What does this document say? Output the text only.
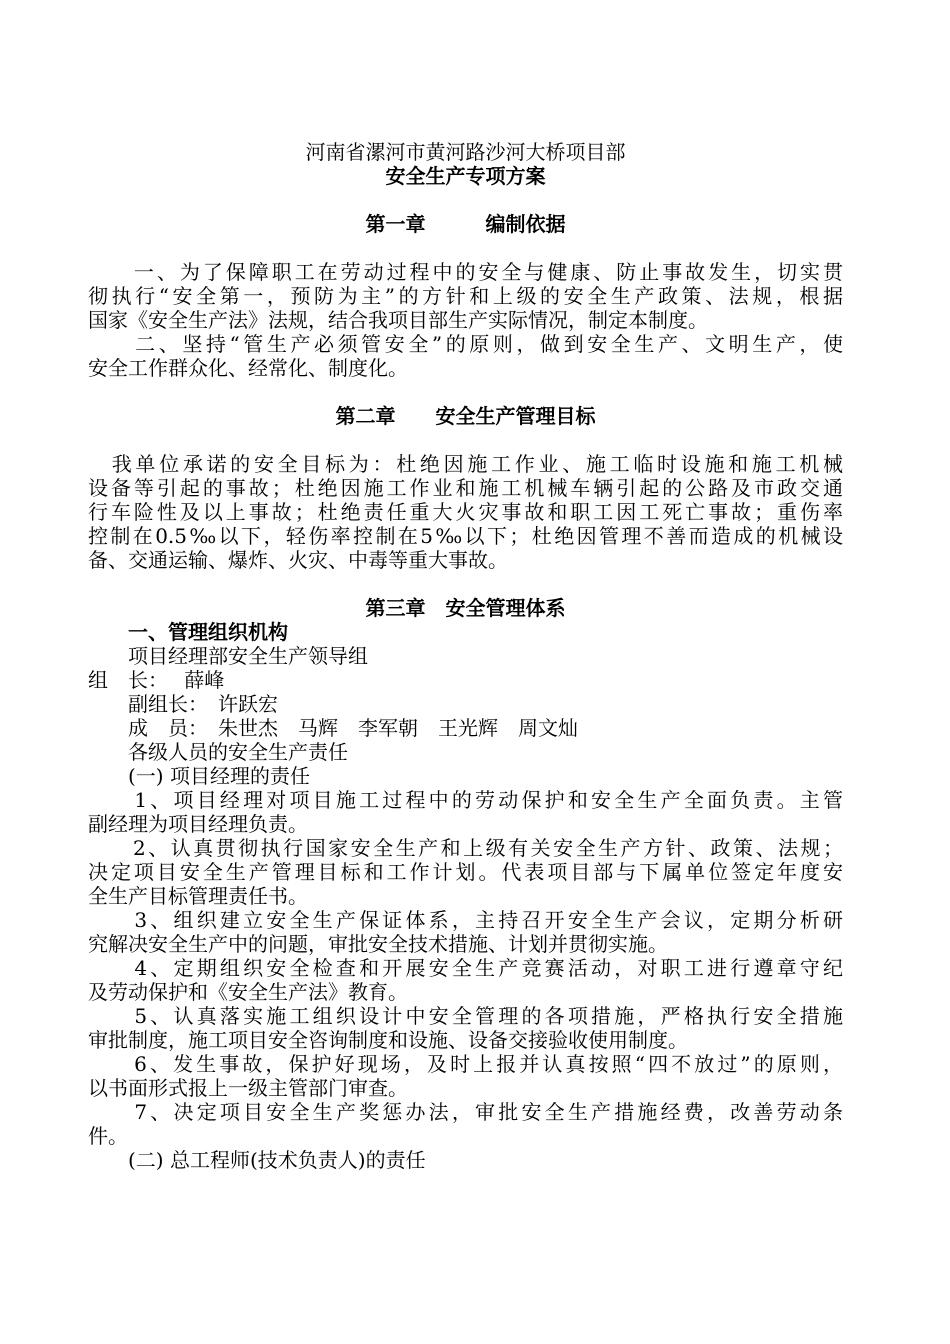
河南省漯河市黄河路沙河大桥项目部
安全生产专项方案
第一章　　　编制依据
　　一、为了保障职工在劳动过程中的安全与健康、防止事故发生，切实贯
彻执行“安全第一，预防为主”的方针和上级的安全生产政策、法规，根据
国家《安全生产法》法规，结合我项目部生产实际情况，制定本制度。
　　二、坚持“管生产必须管安全”的原则，做到安全生产、文明生产，使
安全工作群众化、经常化、制度化。
第二章　　安全生产管理目标
　我单位承诺的安全目标为：杜绝因施工作业、施工临时设施和施工机械
设备等引起的事故；杜绝因施工作业和施工机械车辆引起的公路及市政交通
行车险性及以上事故；杜绝责任重大火灾事故和职工因工死亡事故；重伤率
控制在0.5‰以下，轻伤率控制在5‰以下；杜绝因管理不善而造成的机械设
备、交通运输、爆炸、火灾、中毒等重大事故。
第三章　安全管理体系
　　一、管理组织机构
　　项目经理部安全生产领导组
组　长：　 薛峰
　　副组长：　许跃宏
　　成　员：　朱世杰　马辉　李军朝　王光辉　周文灿
　　各级人员的安全生产责任
　　(一) 项目经理的责任
　　1、项目经理对项目施工过程中的劳动保护和安全生产全面负责。主管
副经理为项目经理负责。
　　2、认真贯彻执行国家安全生产和上级有关安全生产方针、政策、法规；
决定项目安全生产管理目标和工作计划。代表项目部与下属单位签定年度安
全生产目标管理责任书。
　　3、组织建立安全生产保证体系，主持召开安全生产会议，定期分析研
究解决安全生产中的问题，审批安全技术措施、计划并贯彻实施。
　　4、定期组织安全检查和开展安全生产竞赛活动，对职工进行遵章守纪
及劳动保护和《安全生产法》教育。
　　5、认真落实施工组织设计中安全管理的各项措施，严格执行安全措施
审批制度，施工项目安全咨询制度和设施、设备交接验收使用制度。
　　6、发生事故，保护好现场，及时上报并认真按照“四不放过”的原则，
以书面形式报上一级主管部门审查。
　　7、决定项目安全生产奖惩办法，审批安全生产措施经费，改善劳动条
件。
　　(二) 总工程师(技术负责人)的责任
